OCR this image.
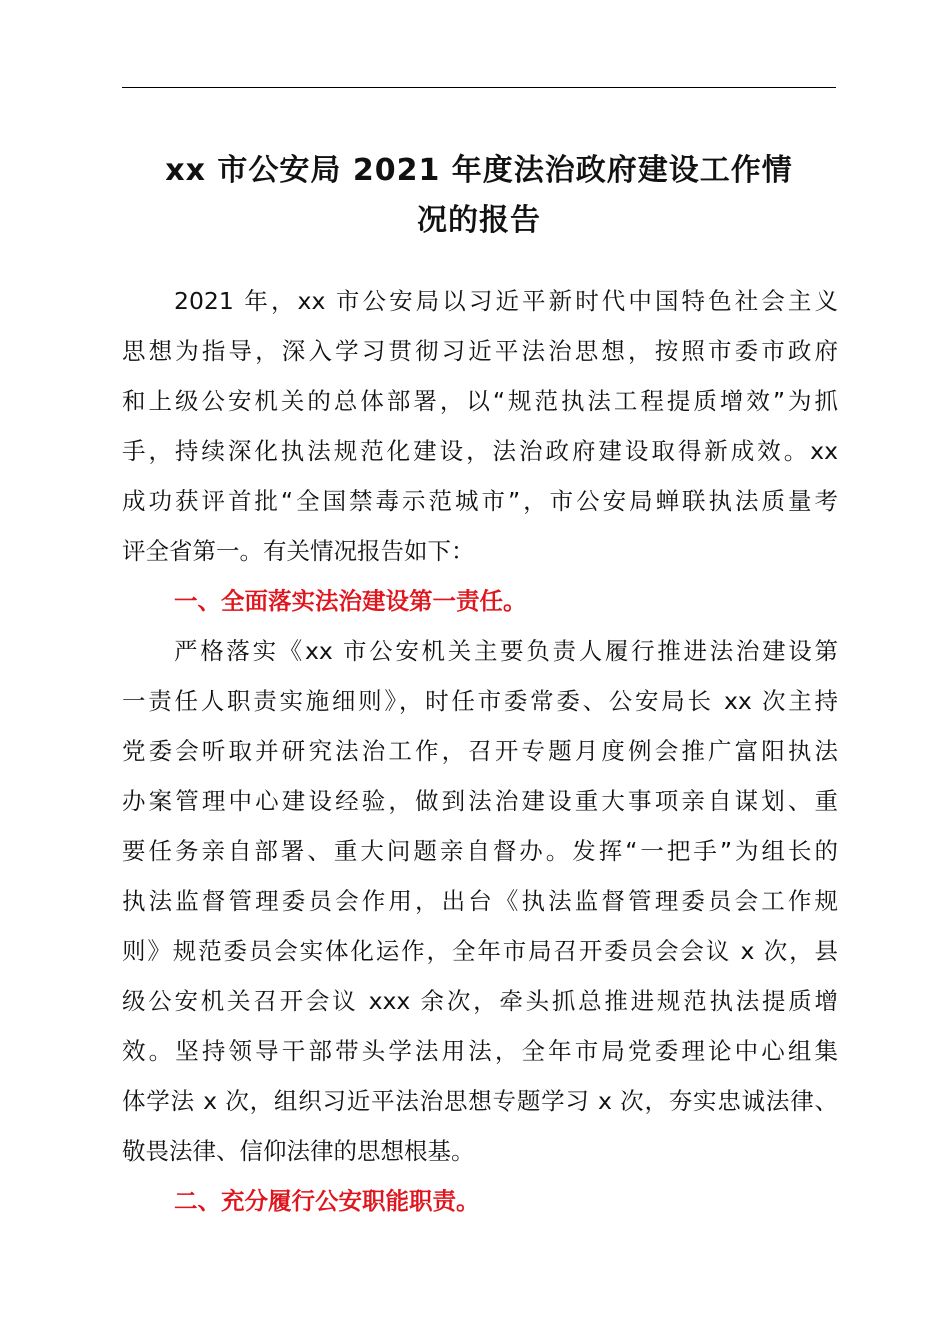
xx 市公安局 2021 年度法治政府建设工作情
况的报告

2021 年，xx 市公安局以习近平新时代中国特色社会主义
思想为指导，深入学习贯彻习近平法治思想，按照市委市政府
和上级公安机关的总体部署，以“规范执法工程提质增效”为抓
手，持续深化执法规范化建设，法治政府建设取得新成效。xx
成功获评首批“全国禁毒示范城市”，市公安局蝉联执法质量考
评全省第一。有关情况报告如下：

一、全面落实法治建设第一责任。

严格落实《xx 市公安机关主要负责人履行推进法治建设第
一责任人职责实施细则》，时任市委常委、公安局长 xx 次主持
党委会听取并研究法治工作，召开专题月度例会推广富阳执法
办案管理中心建设经验，做到法治建设重大事项亲自谋划、重
要任务亲自部署、重大问题亲自督办。发挥“一把手”为组长的
执法监督管理委员会作用，出台《执法监督管理委员会工作规
则》规范委员会实体化运作，全年市局召开委员会会议 x 次，县
级公安机关召开会议 xxx 余次，牵头抓总推进规范执法提质增
效。坚持领导干部带头学法用法，全年市局党委理论中心组集
体学法 x 次，组织习近平法治思想专题学习 x 次，夯实忠诚法律、
敬畏法律、信仰法律的思想根基。

二、充分履行公安职能职责。
